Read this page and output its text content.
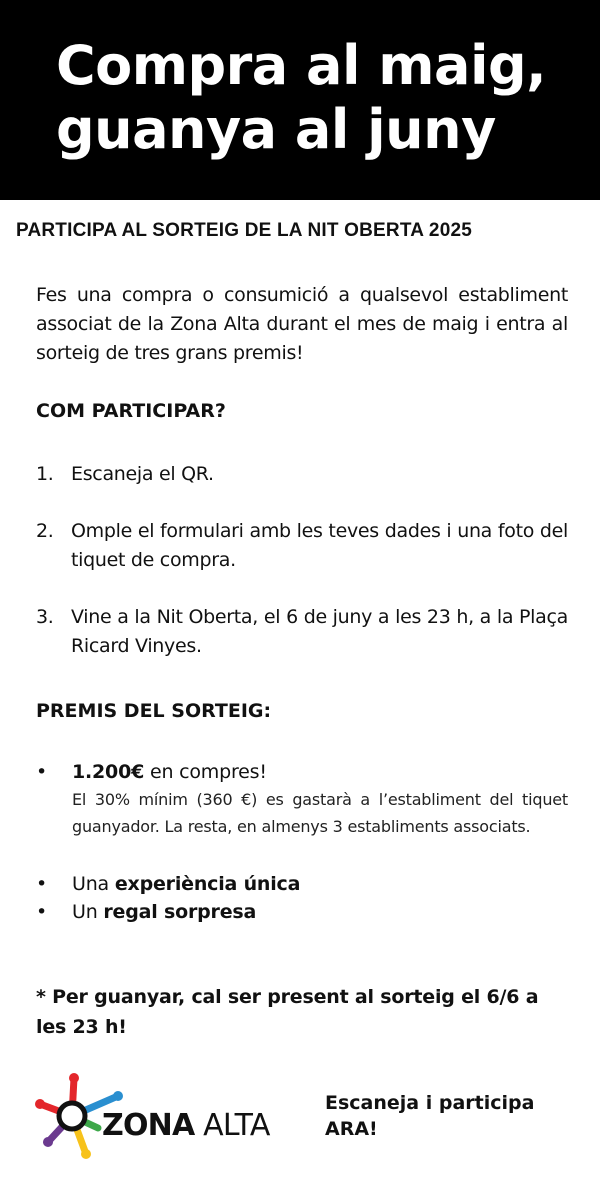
Compra al maig,
guanya al juny

PARTICIPA AL SORTEIG DE LA NIT OBERTA 2025

Fes una compra o consumició a qualsevol establiment associat de la Zona Alta durant el mes de maig i entra al sorteig de tres grans premis!

COM PARTICIPAR?

1. Escaneja el QR.
2. Omple el formulari amb les teves dades i una foto del tiquet de compra.
3. Vine a la Nit Oberta, el 6 de juny a les 23 h, a la Plaça Ricard Vinyes.

PREMIS DEL SORTEIG:

• 1.200€ en compres!
El 30% mínim (360 €) es gastarà a l’establiment del tiquet guanyador. La resta, en almenys 3 establiments associats.
• Una experiència única
• Un regal sorpresa

* Per guanyar, cal ser present al sorteig el 6/6 a les 23 h!

ZONA ALTA

Escaneja i participa
ARA!
